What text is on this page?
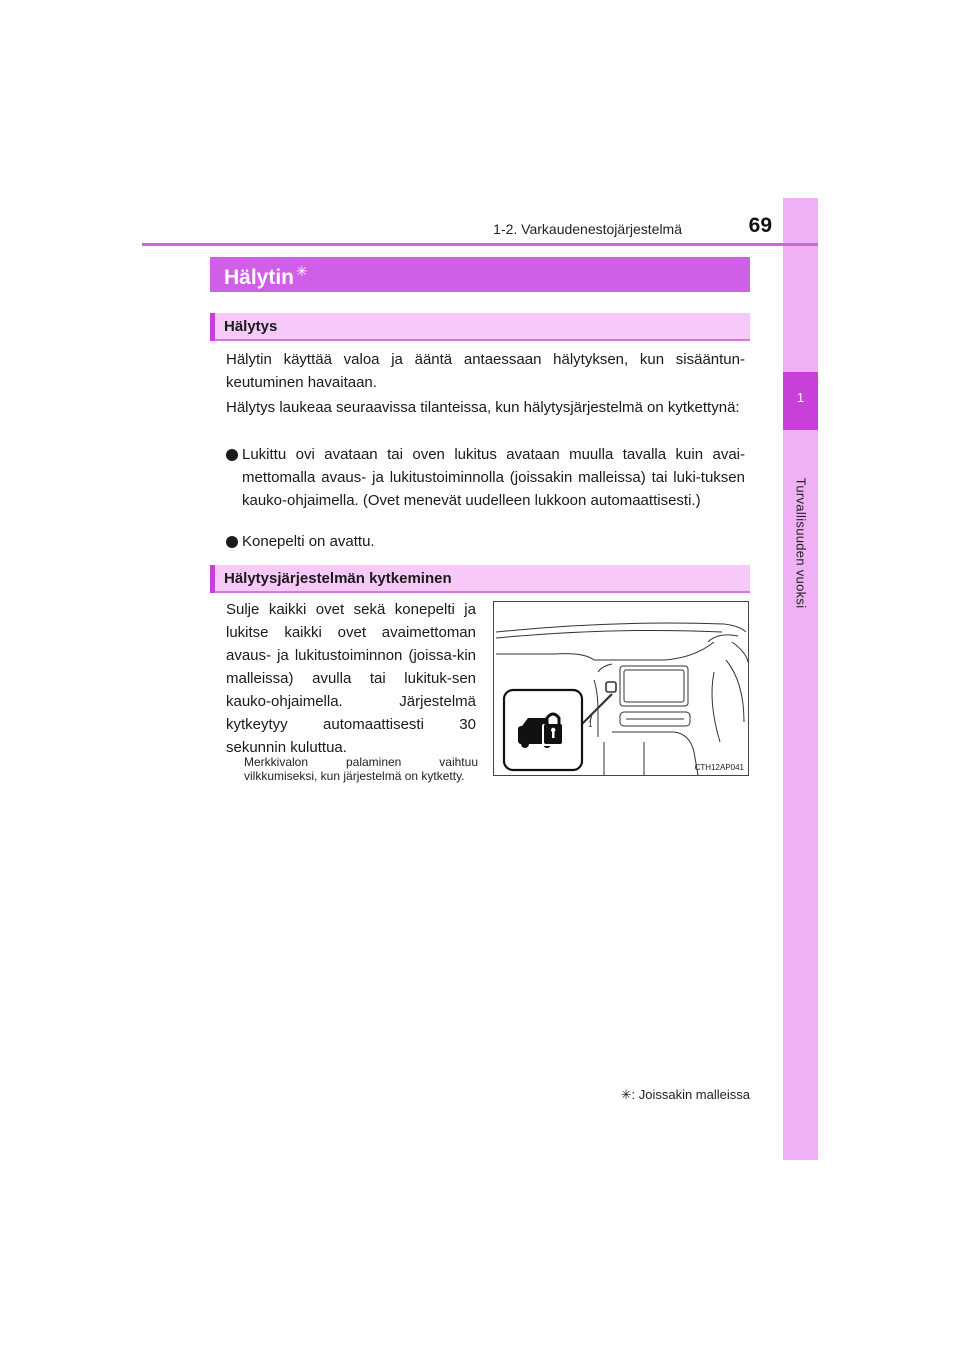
1
Turvallisuuden vuoksi
1-2. Varkaudenestojärjestelmä	69
Hälytin ✳
Hälytys
Hälytin käyttää valoa ja ääntä antaessaan hälytyksen, kun sisääntun-keutuminen havaitaan.
Hälytys laukeaa seuraavissa tilanteissa, kun hälytysjärjestelmä on kytkettynä:
Lukittu ovi avataan tai oven lukitus avataan muulla tavalla kuin avai-mettomalla avaus- ja lukitustoiminnolla (joissakin malleissa) tai luki-tuksen kauko-ohjaimella. (Ovet menevät uudelleen lukkoon automaattisesti.)
Konepelti on avattu.
Hälytysjärjestelmän kytkeminen
Sulje kaikki ovet sekä konepelti ja lukitse kaikki ovet avaimettoman avaus- ja lukitustoiminnon (joissa-kin malleissa) avulla tai lukituk-sen kauko-ohjaimella. Järjestelmä kytkeytyy automaattisesti 30 sekunnin kuluttua.
Merkkivalon palaminen vaihtuu vilkkumiseksi, kun järjestelmä on kytketty.
1
CTH12AP041
✳: Joissakin malleissa
